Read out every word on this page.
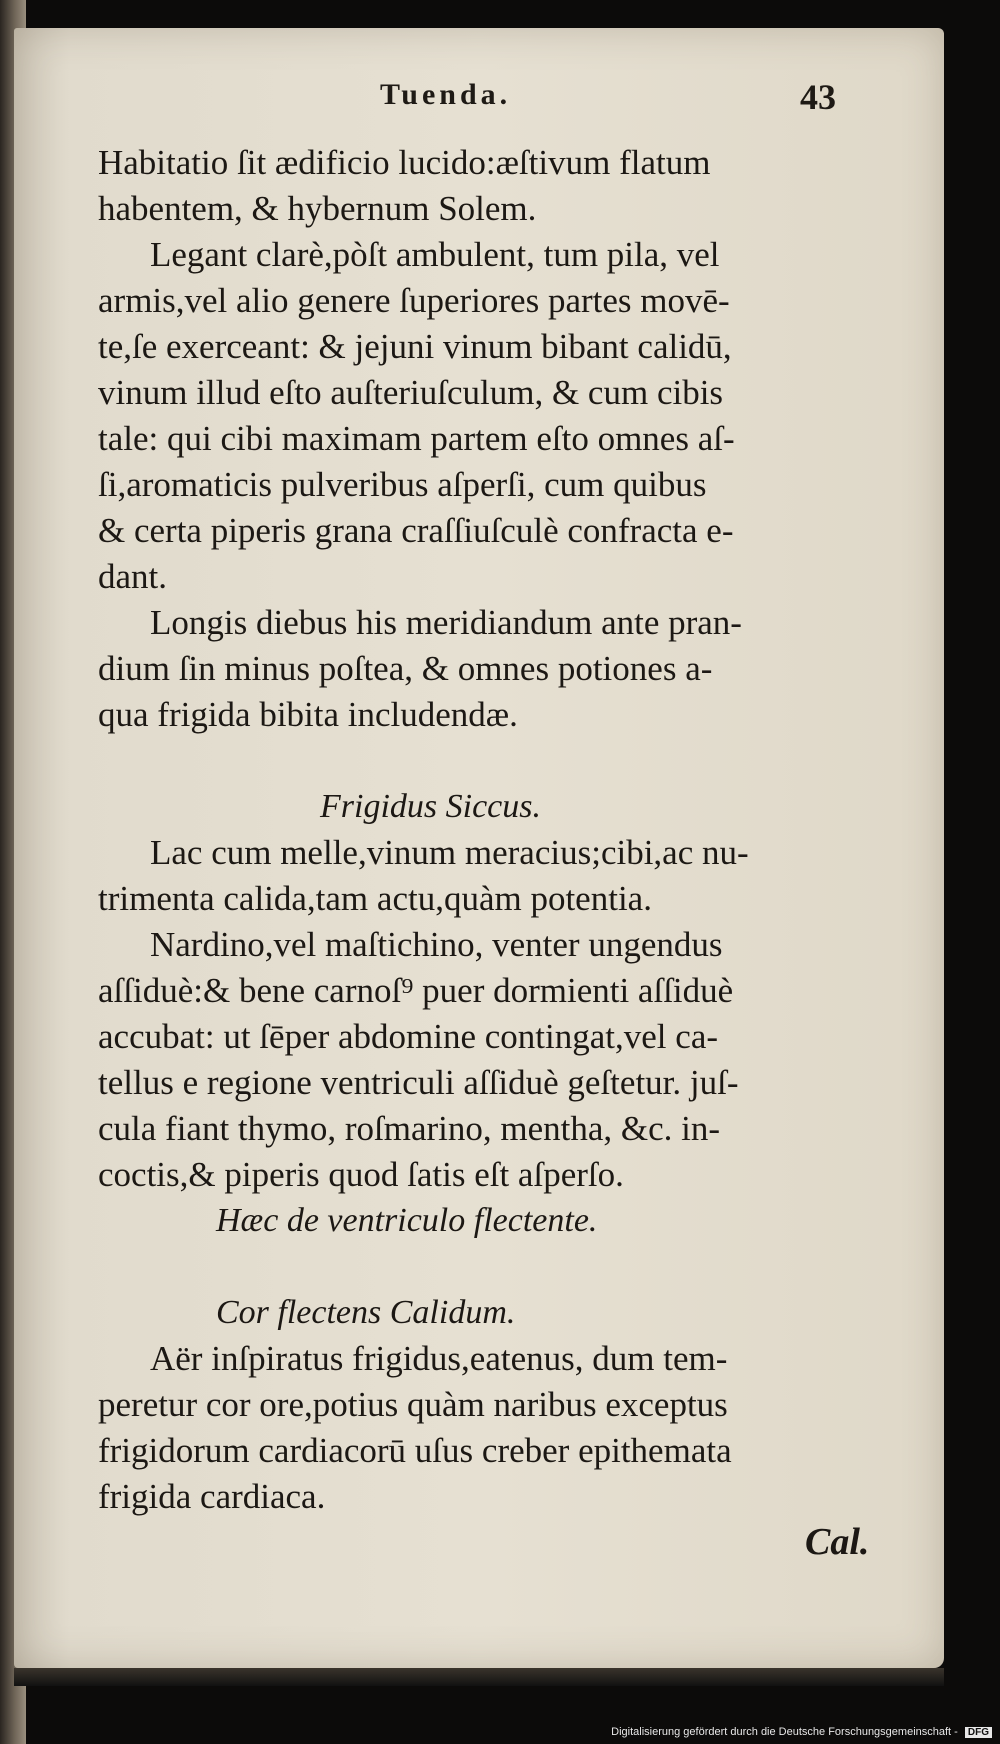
Tuenda.	43
Habitatio ſit ædificio lucido:æſtivum flatum
habentem, & hybernum Solem.
Legant clarè,pòſt ambulent, tum pila, vel
armis,vel alio genere ſuperiores partes movē-
te,ſe exerceant: & jejuni vinum bibant calidū,
vinum illud eſto auſteriuſculum, & cum cibis
tale: qui cibi maximam partem eſto omnes aſ-
ſi,aromaticis pulveribus aſperſi, cum quibus
& certa piperis grana craſſiuſculè confracta e-
dant.
Longis diebus his meridiandum ante pran-
dium ſin minus poſtea, & omnes potiones a-
qua frigida bibita includendæ.
Frigidus Siccus.
Lac cum melle,vinum meracius;cibi,ac nu-
trimenta calida,tam actu,quàm potentia.
Nardino,vel maſtichino, venter ungendus
aſſiduè:& bene carnoſ⁹ puer dormienti aſſiduè
accubat: ut ſēper abdomine contingat,vel ca-
tellus e regione ventriculi aſſiduè geſtetur. juſ-
cula fiant thymo, roſmarino, mentha, &c. in-
coctis,& piperis quod ſatis eſt aſperſo.
Hæc de ventriculo flectente.
Cor flectens Calidum.
Aër inſpiratus frigidus,eatenus, dum tem-
peretur cor ore,potius quàm naribus exceptus
frigidorum cardiacorū uſus creber epithemata
frigida cardiaca.
Cal.
Digitalisierung gefördert durch die Deutsche Forschungsgemeinschaft - DFG
